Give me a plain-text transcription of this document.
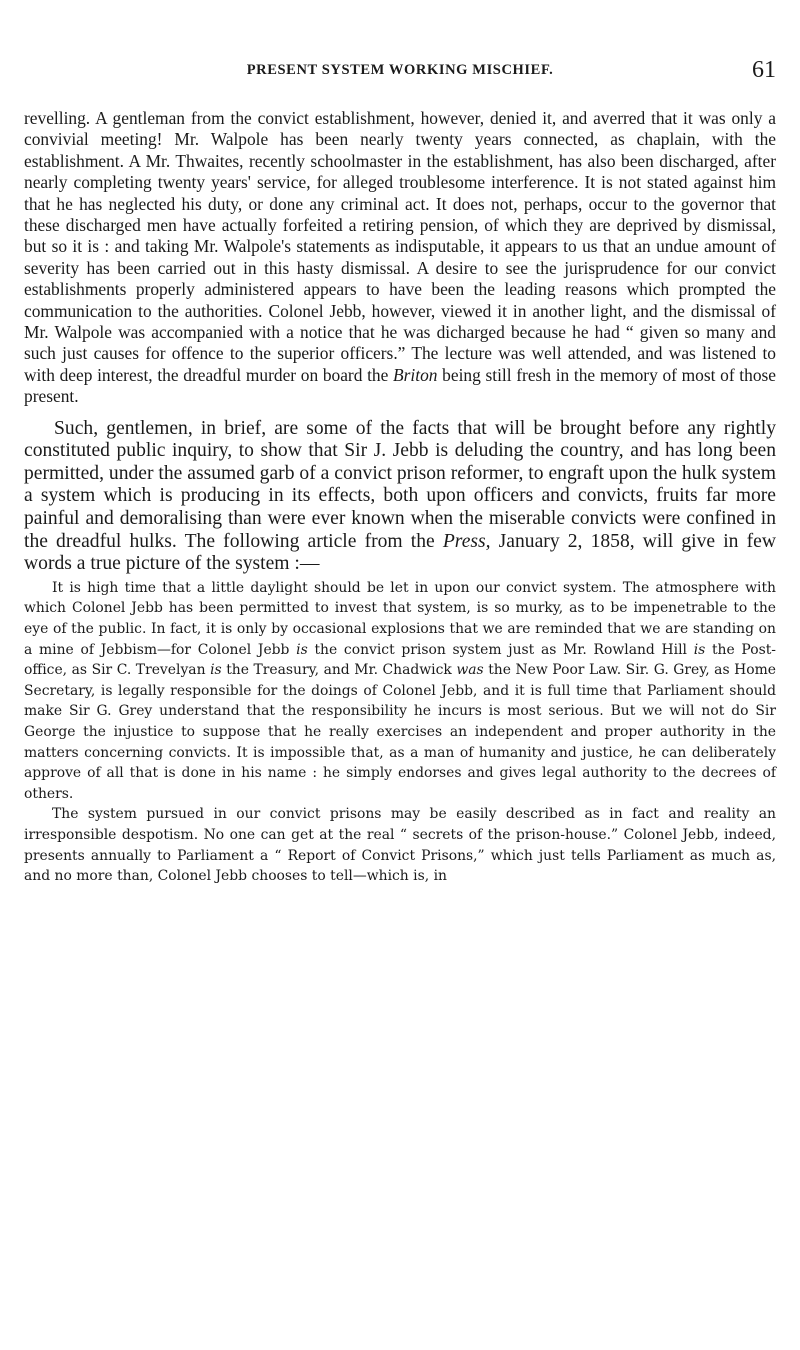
PRESENT SYSTEM WORKING MISCHIEF.	61

revelling. A gentleman from the convict establishment, however, denied it, and averred that it was only a convivial meeting! Mr. Walpole has been nearly twenty years connected, as chaplain, with the establishment. A Mr. Thwaites, recently schoolmaster in the establishment, has also been discharged, after nearly completing twenty years' service, for alleged troublesome interference. It is not stated against him that he has neglected his duty, or done any criminal act. It does not, perhaps, occur to the governor that these discharged men have actually forfeited a retiring pension, of which they are deprived by dismissal, but so it is : and taking Mr. Walpole's statements as indisputable, it appears to us that an undue amount of severity has been carried out in this hasty dismissal. A desire to see the jurisprudence for our convict establishments properly administered appears to have been the leading reasons which prompted the communication to the authorities. Colonel Jebb, however, viewed it in another light, and the dismissal of Mr. Walpole was accompanied with a notice that he was dicharged because he had “ given so many and such just causes for offence to the superior officers.” The lecture was well attended, and was listened to with deep interest, the dreadful murder on board the Briton being still fresh in the memory of most of those present.

Such, gentlemen, in brief, are some of the facts that will be brought before any rightly constituted public inquiry, to show that Sir J. Jebb is deluding the country, and has long been permitted, under the assumed garb of a convict prison reformer, to engraft upon the hulk system a system which is producing in its effects, both upon officers and convicts, fruits far more painful and demoralising than were ever known when the miserable convicts were confined in the dreadful hulks. The following article from the Press, January 2, 1858, will give in few words a true picture of the system :—

It is high time that a little daylight should be let in upon our convict system. The atmosphere with which Colonel Jebb has been permitted to invest that system, is so murky, as to be impenetrable to the eye of the public. In fact, it is only by occasional explosions that we are reminded that we are standing on a mine of Jebbism—for Colonel Jebb is the convict prison system just as Mr. Rowland Hill is the Post-office, as Sir C. Trevelyan is the Treasury, and Mr. Chadwick was the New Poor Law. Sir. G. Grey, as Home Secretary, is legally responsible for the doings of Colonel Jebb, and it is full time that Parliament should make Sir G. Grey understand that the responsibility he incurs is most serious. But we will not do Sir George the injustice to suppose that he really exercises an independent and proper authority in the matters concerning convicts. It is impossible that, as a man of humanity and justice, he can deliberately approve of all that is done in his name : he simply endorses and gives legal authority to the decrees of others.

The system pursued in our convict prisons may be easily described as in fact and reality an irresponsible despotism. No one can get at the real “ secrets of the prison-house.” Colonel Jebb, indeed, presents annually to Parliament a “ Report of Convict Prisons,” which just tells Parliament as much as, and no more than, Colonel Jebb chooses to tell—which is, in
